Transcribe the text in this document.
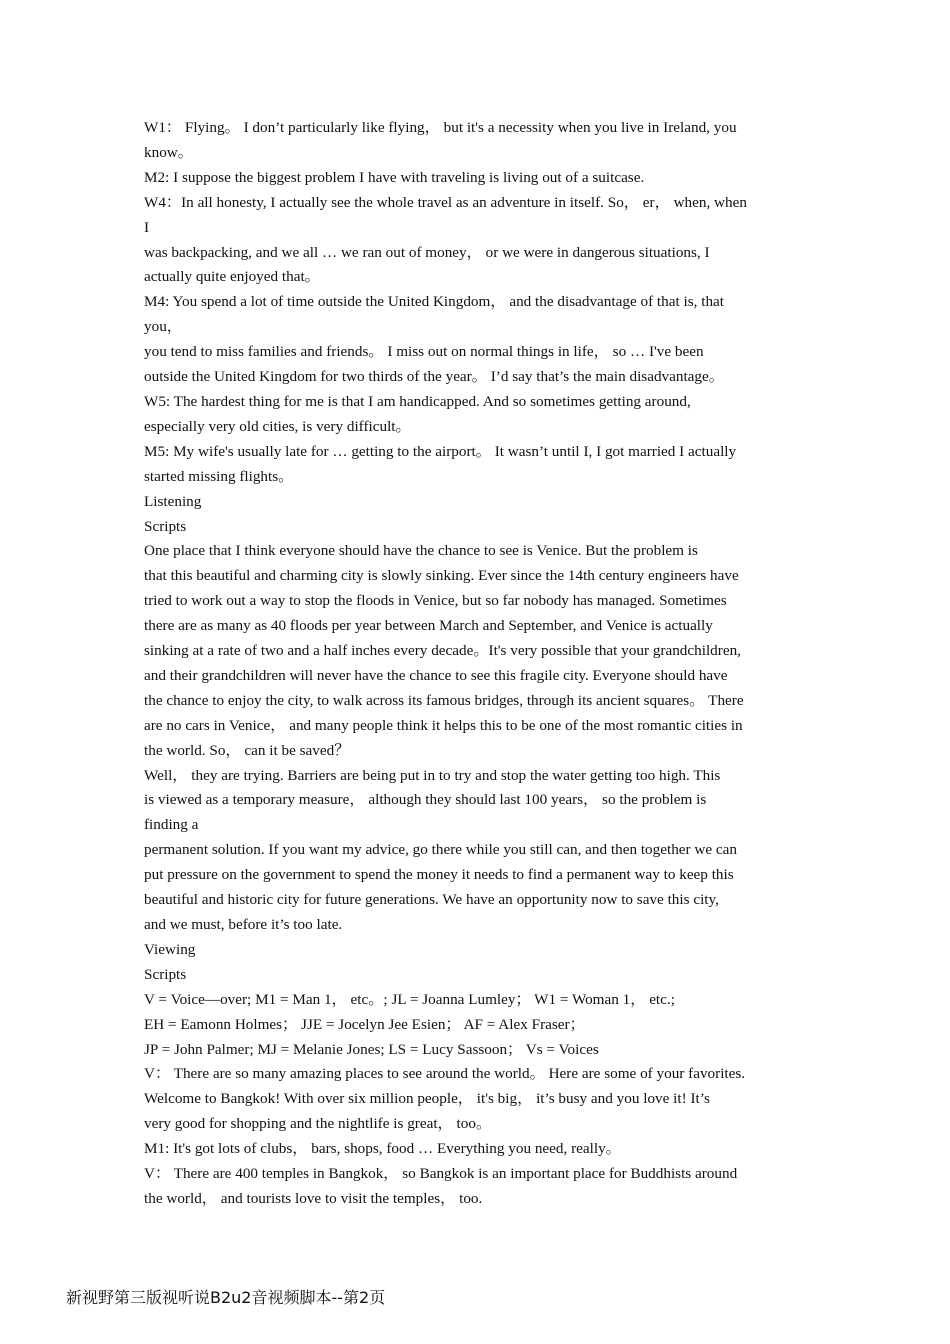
W1： Flying。 I don’t particularly like flying， but it's a necessity when you live in Ireland, you
know。
M2: I suppose the biggest problem I have with traveling is living out of a suitcase.
W4：In all honesty, I actually see the whole travel as an adventure in itself. So， er， when, when
I
was backpacking, and we all … we ran out of money， or we were in dangerous situations, I
actually quite enjoyed that。
M4: You spend a lot of time outside the United Kingdom， and the disadvantage of that is, that
you，
you tend to miss families and friends。 I miss out on normal things in life， so … I've been
outside the United Kingdom for two thirds of the year。 I’d say that’s the main disadvantage。
W5: The hardest thing for me is that I am handicapped. And so sometimes getting around,
especially very old cities, is very difficult。
M5: My wife's usually late for … getting to the airport。 It wasn’t until I, I got married I actually
started missing flights。
Listening
Scripts
One place that I think everyone should have the chance to see is Venice. But the problem is
that this beautiful and charming city is slowly sinking. Ever since the 14th century engineers have
tried to work out a way to stop the floods in Venice, but so far nobody has managed. Sometimes
there are as many as 40 floods per year between March and September, and Venice is actually
sinking at a rate of two and a half inches every decade。It's very possible that your grandchildren,
and their grandchildren will never have the chance to see this fragile city. Everyone should have
the chance to enjoy the city, to walk across its famous bridges, through its ancient squares。 There
are no cars in Venice， and many people think it helps this to be one of the most romantic cities in
the world. So， can it be saved？
Well， they are trying. Barriers are being put in to try and stop the water getting too high. This
is viewed as a temporary measure， although they should last 100 years， so the problem is
finding a
permanent solution. If you want my advice, go there while you still can, and then together we can
put pressure on the government to spend the money it needs to find a permanent way to keep this
beautiful and historic city for future generations. We have an opportunity now to save this city,
and we must, before it’s too late.
Viewing
Scripts
V = Voice—over; M1 = Man 1， etc。; JL = Joanna Lumley； W1 = Woman 1， etc.;
EH = Eamonn Holmes； JJE = Jocelyn Jee Esien； AF = Alex Fraser；
JP = John Palmer; MJ = Melanie Jones; LS = Lucy Sassoon； Vs = Voices
V： There are so many amazing places to see around the world。 Here are some of your favorites.
Welcome to Bangkok! With over six million people， it's big， it’s busy and you love it! It’s
very good for shopping and the nightlife is great， too。
M1: It's got lots of clubs， bars, shops, food … Everything you need, really。
V： There are 400 temples in Bangkok， so Bangkok is an important place for Buddhists around
the world， and tourists love to visit the temples， too.
新视野第三版视听说B2u2音视频脚本--第2页
